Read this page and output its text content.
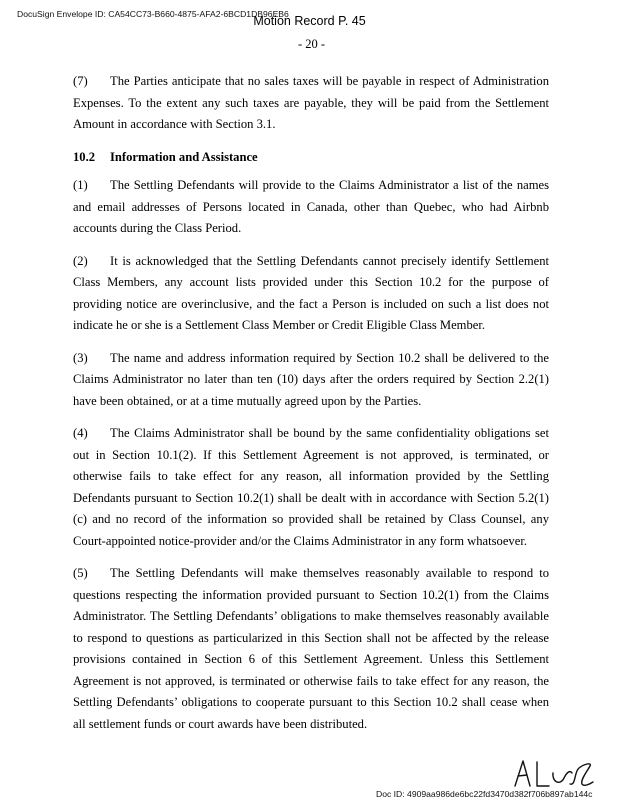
DocuSign Envelope ID: CA54CC73-B660-4875-AFA2-6BCD1DB96EB6
Motion Record P. 45
- 20 -

(7) The Parties anticipate that no sales taxes will be payable in respect of Administration Expenses. To the extent any such taxes are payable, they will be paid from the Settlement Amount in accordance with Section 3.1.

10.2 Information and Assistance

(1) The Settling Defendants will provide to the Claims Administrator a list of the names and email addresses of Persons located in Canada, other than Quebec, who had Airbnb accounts during the Class Period.

(2) It is acknowledged that the Settling Defendants cannot precisely identify Settlement Class Members, any account lists provided under this Section 10.2 for the purpose of providing notice are overinclusive, and the fact a Person is included on such a list does not indicate he or she is a Settlement Class Member or Credit Eligible Class Member.

(3) The name and address information required by Section 10.2 shall be delivered to the Claims Administrator no later than ten (10) days after the orders required by Section 2.2(1) have been obtained, or at a time mutually agreed upon by the Parties.

(4) The Claims Administrator shall be bound by the same confidentiality obligations set out in Section 10.1(2). If this Settlement Agreement is not approved, is terminated, or otherwise fails to take effect for any reason, all information provided by the Settling Defendants pursuant to Section 10.2(1) shall be dealt with in accordance with Section 5.2(1)(c) and no record of the information so provided shall be retained by Class Counsel, any Court-appointed notice-provider and/or the Claims Administrator in any form whatsoever.

(5) The Settling Defendants will make themselves reasonably available to respond to questions respecting the information provided pursuant to Section 10.2(1) from the Claims Administrator. The Settling Defendants’ obligations to make themselves reasonably available to respond to questions as particularized in this Section shall not be affected by the release provisions contained in Section 6 of this Settlement Agreement. Unless this Settlement Agreement is not approved, is terminated or otherwise fails to take effect for any reason, the Settling Defendants’ obligations to cooperate pursuant to this Section 10.2 shall cease when all settlement funds or court awards have been distributed.

Doc ID: 4909aa986de6bc22fd3470d382f706b897ab144c
